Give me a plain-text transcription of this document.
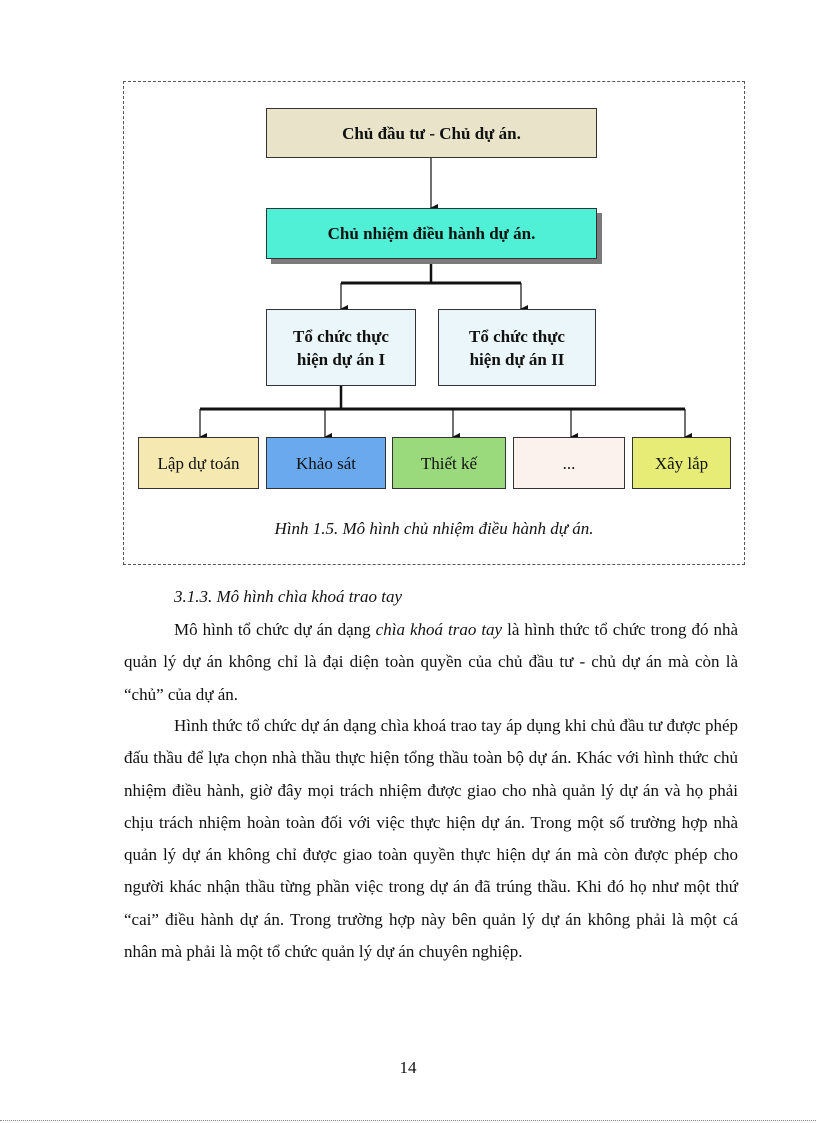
Chủ đầu tư - Chủ dự án.
Chủ nhiệm điều hành dự án.
Tổ chức thực
hiện dự án I
Tổ chức thực
hiện dự án II
Lập dự toán	Khảo sát	Thiết kế	...	Xây lắp
Hình 1.5. Mô hình chủ nhiệm điều hành dự án.
3.1.3. Mô hình chìa khoá trao tay

Mô hình tổ chức dự án dạng chìa khoá trao tay là hình thức tổ chức trong đó nhà quản lý dự án không chỉ là đại diện toàn quyền của chủ đầu tư - chủ dự án mà còn là “chủ” của dự án.

Hình thức tổ chức dự án dạng chìa khoá trao tay áp dụng khi chủ đầu tư được phép đấu thầu để lựa chọn nhà thầu thực hiện tổng thầu toàn bộ dự án. Khác với hình thức chủ nhiệm điều hành, giờ đây mọi trách nhiệm được giao cho nhà quản lý dự án và họ phải chịu trách nhiệm hoàn toàn đối với việc thực hiện dự án. Trong một số trường hợp nhà quản lý dự án không chỉ được giao toàn quyền thực hiện dự án mà còn được phép cho người khác nhận thầu từng phần việc trong dự án đã trúng thầu. Khi đó họ như một thứ “cai” điều hành dự án. Trong trường hợp này bên quản lý dự án không phải là một cá nhân mà phải là một tổ chức quản lý dự án chuyên nghiệp.

14
